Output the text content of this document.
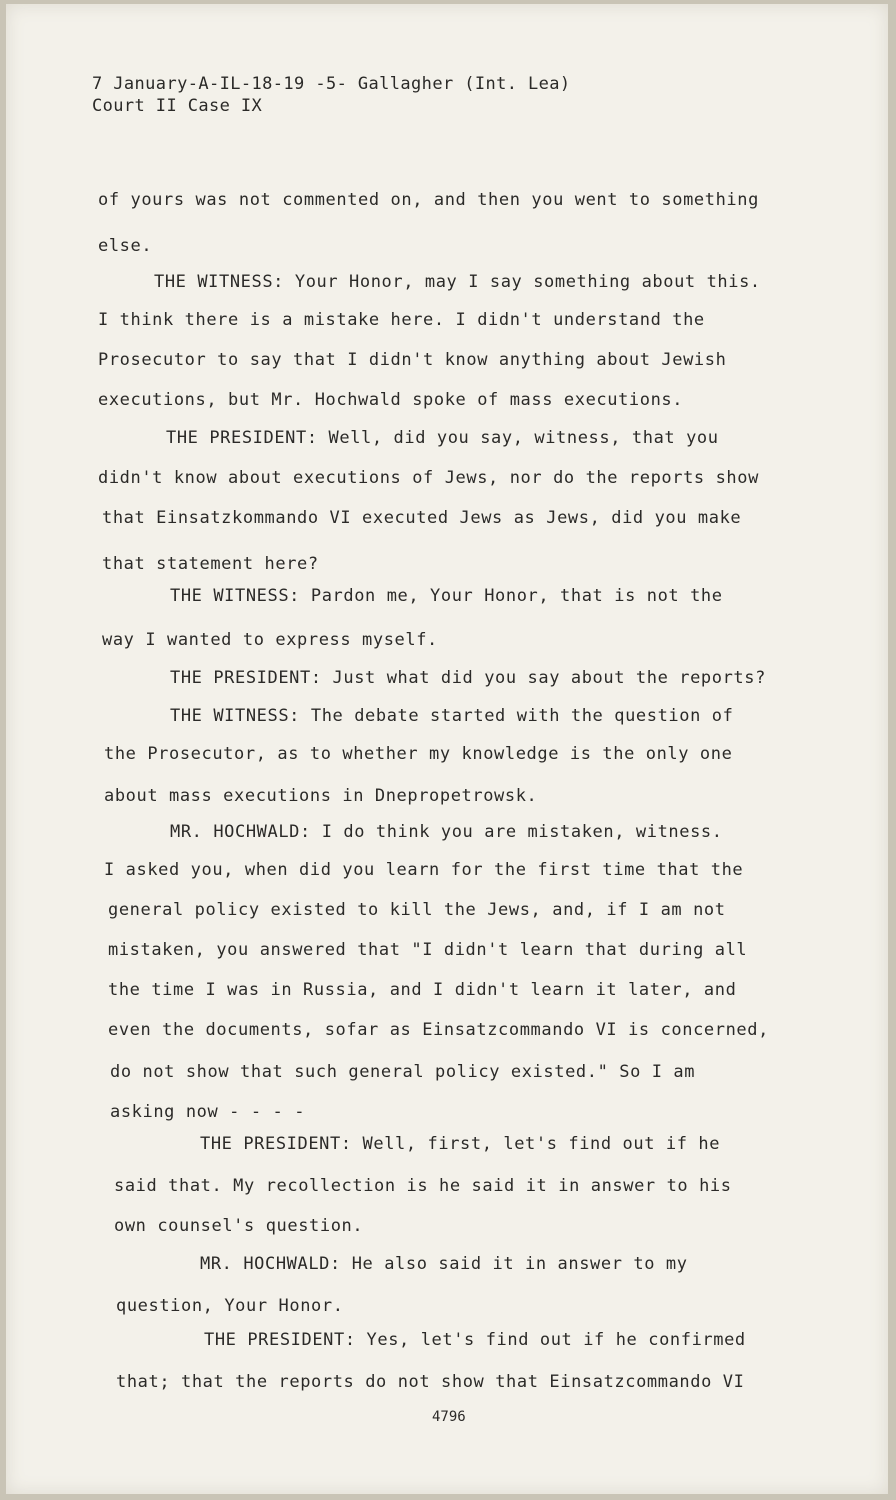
7 January-A-IL-18-19 -5- Gallagher (Int. Lea)
Court II Case IX
of yours was not commented on, and then you went to something
else.
THE WITNESS: Your Honor, may I say something about this.
I think there is a mistake here. I didn't understand the
Prosecutor to say that I didn't know anything about Jewish
executions, but Mr. Hochwald spoke of mass executions.
THE PRESIDENT: Well, did you say, witness, that you
didn't know about executions of Jews, nor do the reports show
that Einsatzkommando VI executed Jews as Jews, did you make
that statement here?
THE WITNESS: Pardon me, Your Honor, that is not the
way I wanted to express myself.
THE PRESIDENT: Just what did you say about the reports?
THE WITNESS: The debate started with the question of
the Prosecutor, as to whether my knowledge is the only one
about mass executions in Dnepropetrowsk.
MR. HOCHWALD: I do think you are mistaken, witness.
I asked you, when did you learn for the first time that the
general policy existed to kill the Jews, and, if I am not
mistaken, you answered that "I didn't learn that during all
the time I was in Russia, and I didn't learn it later, and
even the documents, sofar as Einsatzcommando VI is concerned,
do not show that such general policy existed." So I am
asking now - - - -
THE PRESIDENT: Well, first, let's find out if he
said that. My recollection is he said it in answer to his
own counsel's question.
MR. HOCHWALD: He also said it in answer to my
question, Your Honor.
THE PRESIDENT: Yes, let's find out if he confirmed
that; that the reports do not show that Einsatzcommando VI
4796
